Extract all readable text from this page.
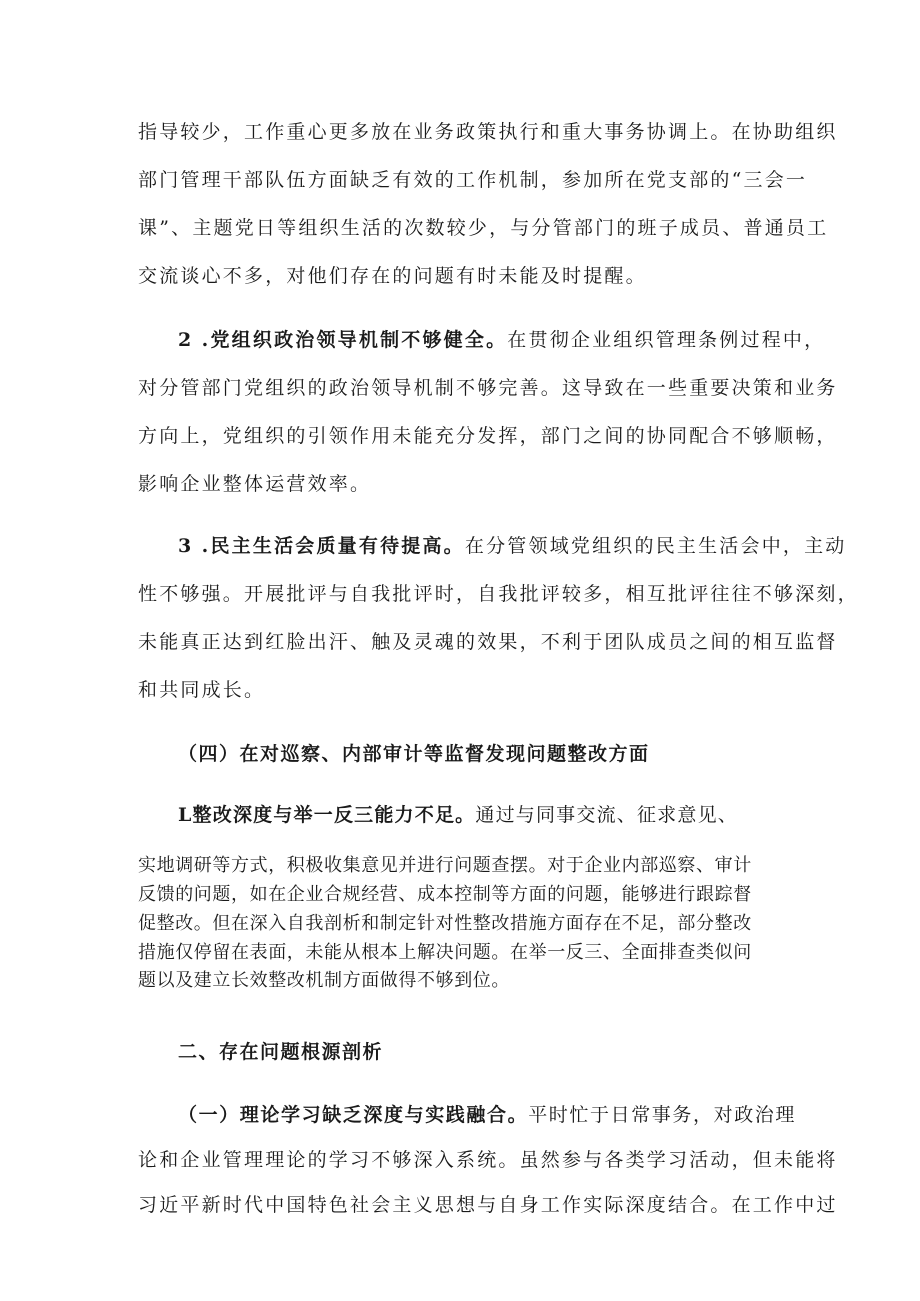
指导较少，工作重心更多放在业务政策执行和重大事务协调上。在协助组织
部门管理干部队伍方面缺乏有效的工作机制，参加所在党支部的“三会一
课”、主题党日等组织生活的次数较少，与分管部门的班子成员、普通员工
交流谈心不多，对他们存在的问题有时未能及时提醒。
2 .党组织政治领导机制不够健全。在贯彻企业组织管理条例过程中，
对分管部门党组织的政治领导机制不够完善。这导致在一些重要决策和业务
方向上，党组织的引领作用未能充分发挥，部门之间的协同配合不够顺畅，
影响企业整体运营效率。
3 .民主生活会质量有待提高。在分管领域党组织的民主生活会中，主动
性不够强。开展批评与自我批评时，自我批评较多，相互批评往往不够深刻，
未能真正达到红脸出汗、触及灵魂的效果，不利于团队成员之间的相互监督
和共同成长。
（四）在对巡察、内部审计等监督发现问题整改方面
L整改深度与举一反三能力不足。通过与同事交流、征求意见、
实地调研等方式，积极收集意见并进行问题查摆。对于企业内部巡察、审计
反馈的问题，如在企业合规经营、成本控制等方面的问题，能够进行跟踪督
促整改。但在深入自我剖析和制定针对性整改措施方面存在不足，部分整改
措施仅停留在表面，未能从根本上解决问题。在举一反三、全面排查类似问
题以及建立长效整改机制方面做得不够到位。
二、存在问题根源剖析
（一）理论学习缺乏深度与实践融合。平时忙于日常事务，对政治理
论和企业管理理论的学习不够深入系统。虽然参与各类学习活动，但未能将
习近平新时代中国特色社会主义思想与自身工作实际深度结合。在工作中过
